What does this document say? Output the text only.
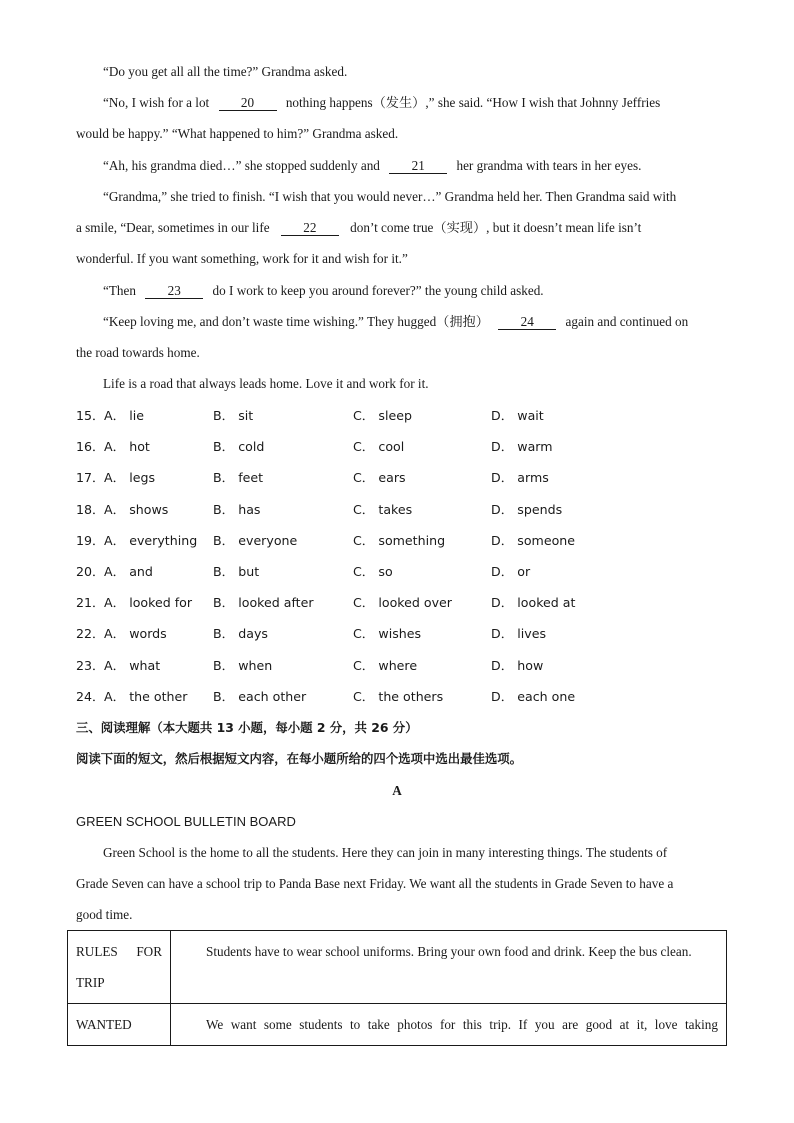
“Do you get all all the time?” Grandma asked.
“No, I wish for a lot 20 nothing happens（发生）,” she said. “How I wish that Johnny Jeffries
would be happy.” “What happened to him?” Grandma asked.
“Ah, his grandma died…” she stopped suddenly and 21 her grandma with tears in her eyes.
“Grandma,” she tried to finish. “I wish that you would never…” Grandma held her. Then Grandma said with
a smile, “Dear, sometimes in our life	22	don’t come true（实现）, but it doesn’t mean life isn’t
wonderful. If you want something, work for it and wish for it.”
“Then 23 do I work to keep you around forever?” the young child asked.
“Keep loving me, and don’t waste time wishing.” They hugged（拥抱） 24 again and continued on
the road towards home.
Life is a road that always leads home. Love it and work for it.
15． A． lie	B． sit	C． sleep	D． wait
16． A． hot	B． cold	C． cool	D． warm
17． A． legs	B． feet	C． ears	D． arms
18． A． shows	B． has	C． takes	D． spends
19． A． everything B． everyone	C． something	D． someone
20． A． and	B． but	C． so	D． or
21． A． looked for B． looked after	C． looked over	D． looked at
22． A． words	B． days	C． wishes	D． lives
23． A． what	B． when	C． where	D． how
24． A． the other B． each other	C． the others	D． each one
三、阅读理解（本大题共 13 小题，每小题 2 分，共 26 分）
阅读下面的短文，然后根据短文内容，在每小题所给的四个选项中选出最佳选项。
A
GREEN SCHOOL BULLETIN BOARD
Green School is the home to all the students. Here they can join in many interesting things. The students of
Grade Seven can have a school trip to Panda Base next Friday. We want all the students in Grade Seven to have a
good time.
RULES FOR TRIP	Students have to wear school uniforms. Bring your own food and drink. Keep the bus clean.
WANTED	We want some students to take photos for this trip. If you are good at it, love taking
